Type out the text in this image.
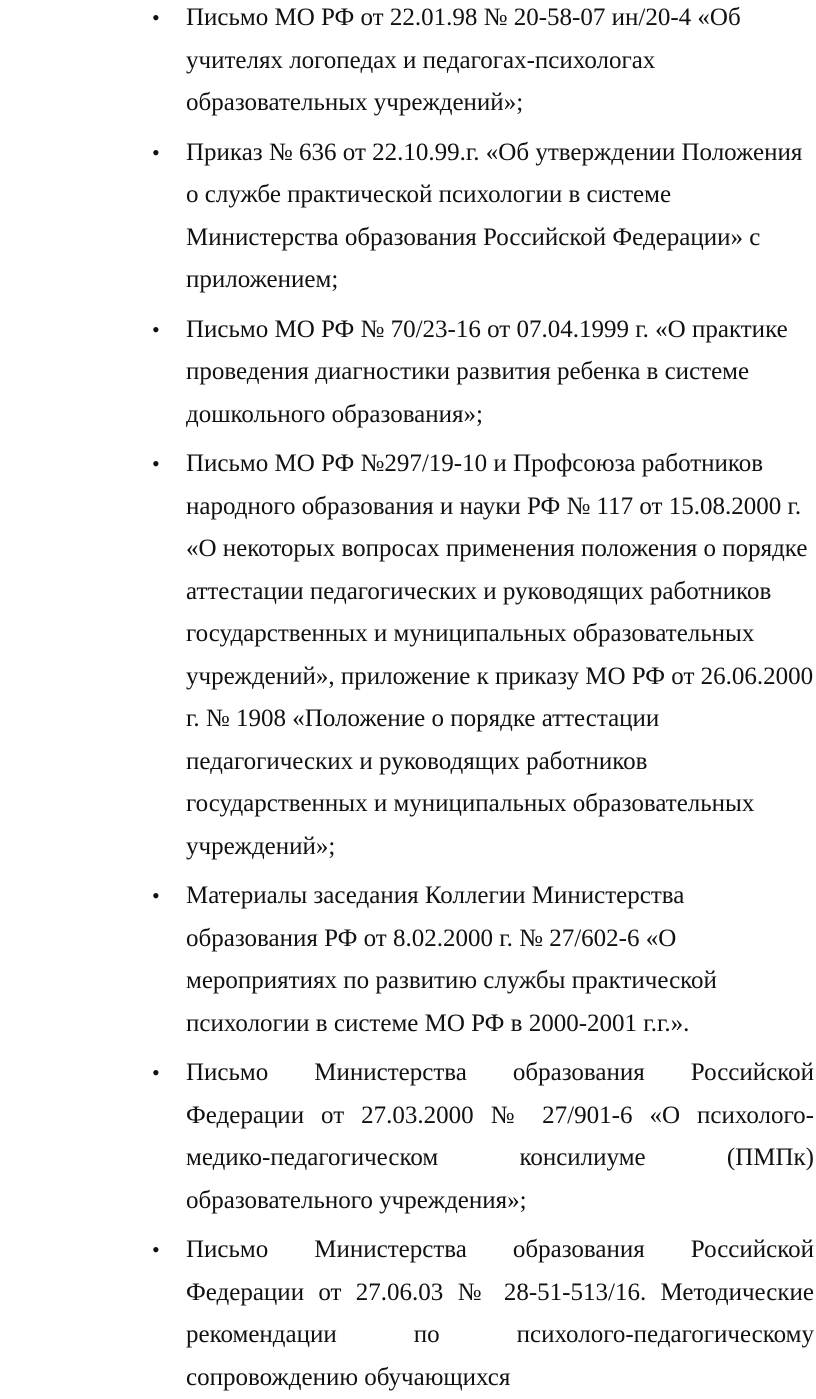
• Письмо МО РФ от 22.01.98 № 20-58-07 ин/20-4 «Об учителях логопедах и педагогах-психологах образовательных учреждений»;
• Приказ № 636 от 22.10.99.г. «Об утверждении Положения о службе практической психологии в системе Министерства образования Российской Федерации» с приложением;
• Письмо МО РФ № 70/23-16 от 07.04.1999 г. «О практике проведения диагностики развития ребенка в системе дошкольного образования»;
• Письмо МО РФ №297/19-10 и Профсоюза работников народного образования и науки РФ № 117 от 15.08.2000 г. «О некоторых вопросах применения положения о порядке аттестации педагогических и руководящих работников государственных и муниципальных образовательных учреждений», приложение к приказу МО РФ от 26.06.2000 г. № 1908 «Положение о порядке аттестации педагогических и руководящих работников государственных и муниципальных образовательных учреждений»;
• Материалы заседания Коллегии Министерства образования РФ от 8.02.2000 г. № 27/602-6 «О мероприятиях по развитию службы практической психологии в системе МО РФ в 2000-2001 г.г.».
• Письмо Министерства образования Российской Федерации от 27.03.2000 № 27/901-6 «О психолого-медико-педагогическом консилиуме (ПМПк) образовательного учреждения»;
• Письмо Министерства образования Российской Федерации от 27.06.03 № 28-51-513/16. Методические рекомендации по психолого-педагогическому сопровождению обучающихся
